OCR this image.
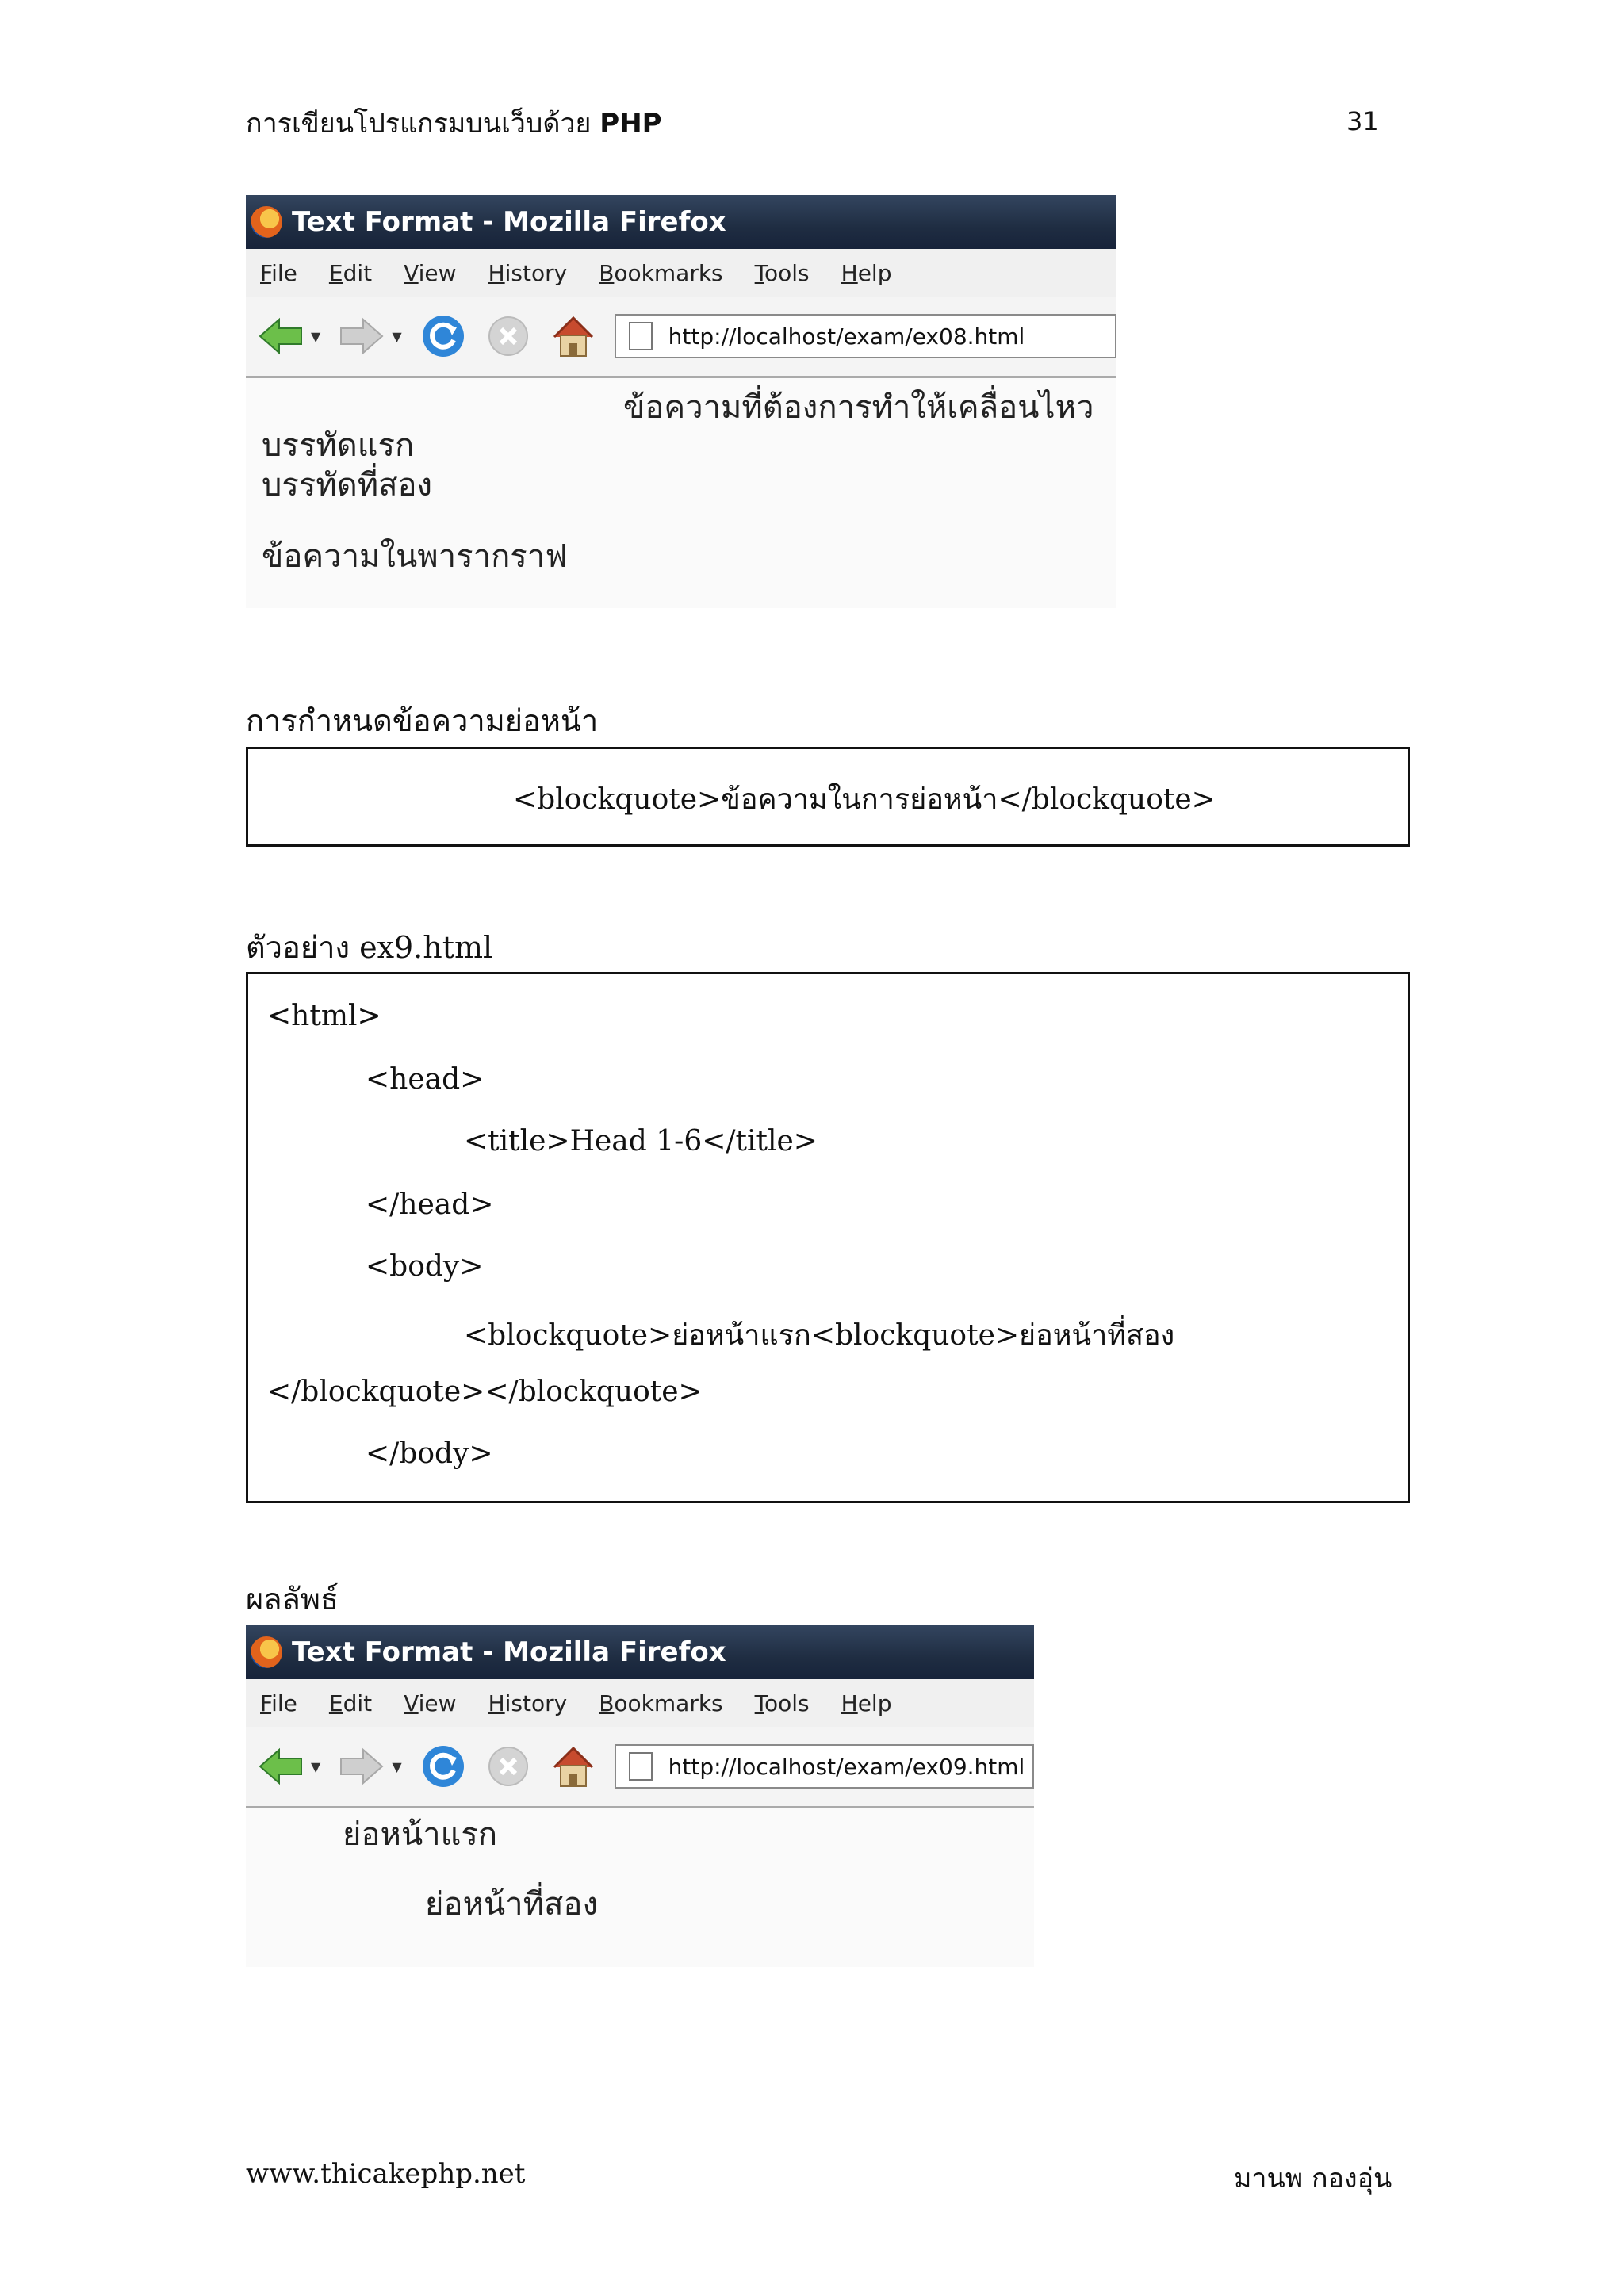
การเขียนโปรแกรมบนเว็บด้วย PHP	31
Text Format - Mozilla Firefox
File Edit View History Bookmarks Tools Help
▼	▼	http://localhost/exam/ex08.html
ข้อความที่ต้องการทำให้เคลื่อนไหว
บรรทัดแรก
บรรทัดที่สอง
ข้อความในพารากราฟ
การกำหนดข้อความย่อหน้า
<blockquote>ข้อความในการย่อหน้า</blockquote>
ตัวอย่าง ex9.html
<html>
<head>
<title>Head 1-6</title>
</head>
<body>
<blockquote>ย่อหน้าแรก<blockquote>ย่อหน้าที่สอง
</blockquote></blockquote>
</body>
ผลลัพธ์
Text Format - Mozilla Firefox
File Edit View History Bookmarks Tools Help
▼	▼	http://localhost/exam/ex09.html
ย่อหน้าแรก
ย่อหน้าที่สอง
www.thicakephp.net	มานพ กองอุ่น
